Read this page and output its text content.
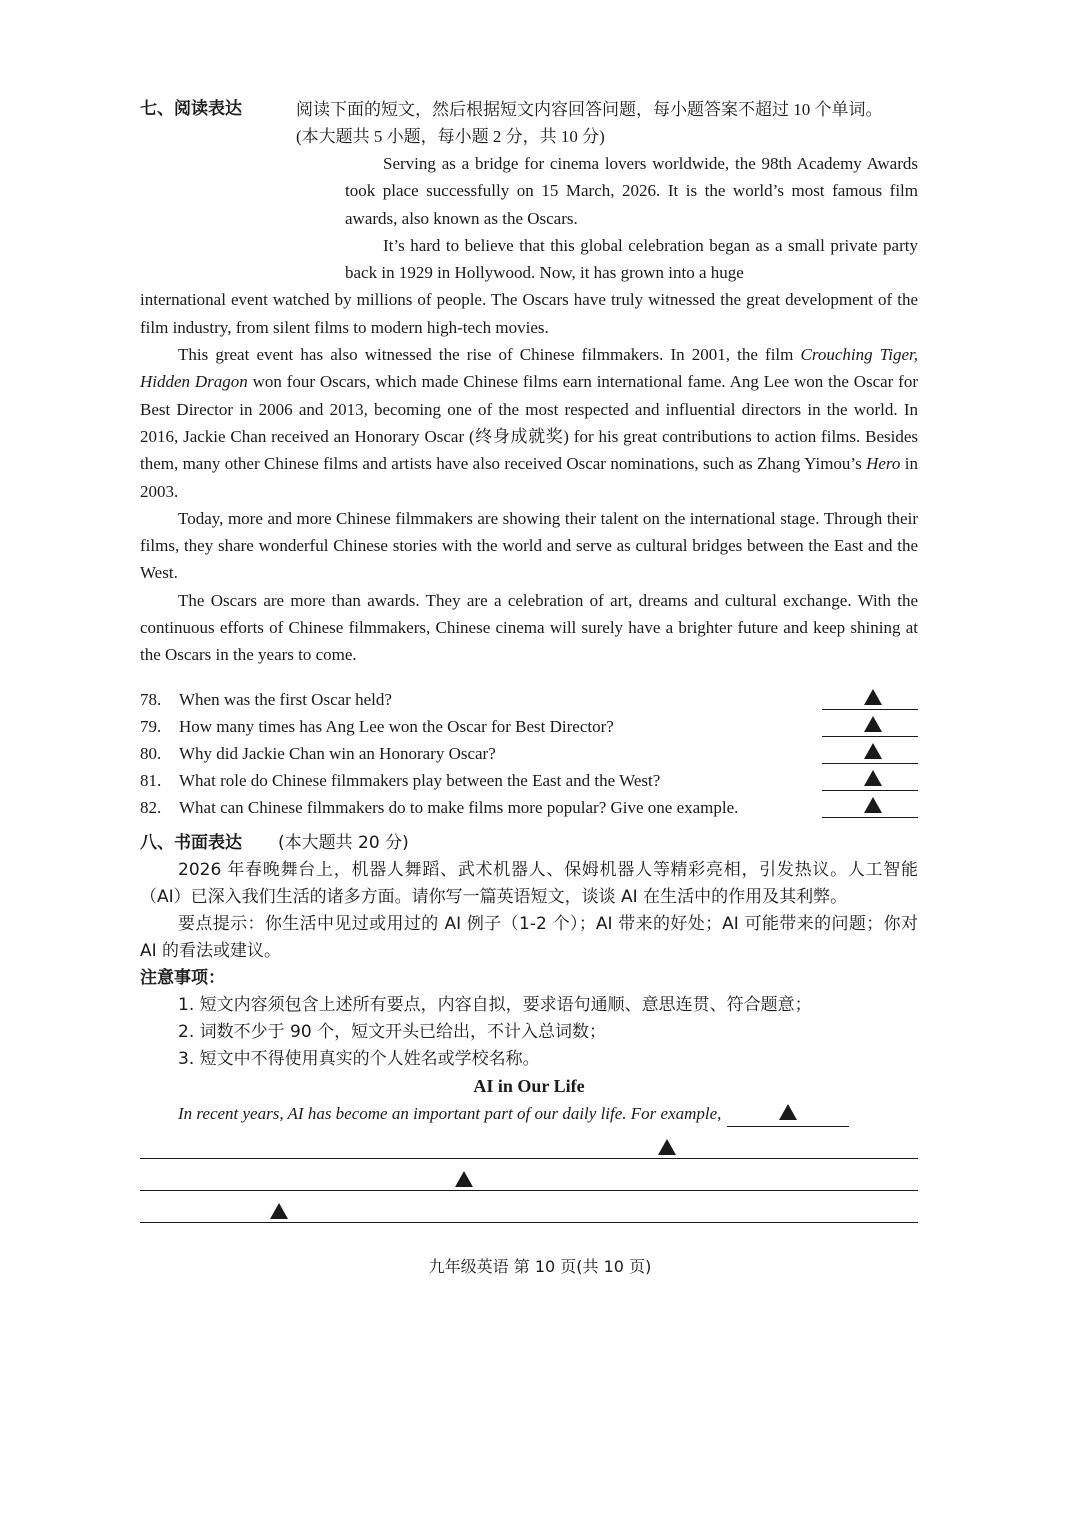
七、阅读表达	阅读下面的短文，然后根据短文内容回答问题，每小题答案不超过 10 个单词。
(本大题共 5 小题，每小题 2 分，共 10 分)

Serving as a bridge for cinema lovers worldwide, the 98th Academy Awards took place successfully on 15 March, 2026. It is the world’s most famous film awards, also known as the Oscars.

It’s hard to believe that this global celebration began as a small private party back in 1929 in Hollywood. Now, it has grown into a huge

international event watched by millions of people. The Oscars have truly witnessed the great development of the film industry, from silent films to modern high-tech movies.

This great event has also witnessed the rise of Chinese filmmakers. In 2001, the film Crouching Tiger, Hidden Dragon won four Oscars, which made Chinese films earn international fame. Ang Lee won the Oscar for Best Director in 2006 and 2013, becoming one of the most respected and influential directors in the world. In 2016, Jackie Chan received an Honorary Oscar (终身成就奖) for his great contributions to action films. Besides them, many other Chinese films and artists have also received Oscar nominations, such as Zhang Yimou’s Hero in 2003.

Today, more and more Chinese filmmakers are showing their talent on the international stage. Through their films, they share wonderful Chinese stories with the world and serve as cultural bridges between the East and the West.

The Oscars are more than awards. They are a celebration of art, dreams and cultural exchange. With the continuous efforts of Chinese filmmakers, Chinese cinema will surely have a brighter future and keep shining at the Oscars in the years to come.

78.	When was the first Oscar held?
79.	How many times has Ang Lee won the Oscar for Best Director?
80.	Why did Jackie Chan win an Honorary Oscar?
81.	What role do Chinese filmmakers play between the East and the West?
82.	What can Chinese filmmakers do to make films more popular? Give one example.
八、书面表达 (本大题共 20 分)

2026 年春晚舞台上，机器人舞蹈、武术机器人、保姆机器人等精彩亮相，引发热议。人工智能（AI）已深入我们生活的诸多方面。请你写一篇英语短文，谈谈 AI 在生活中的作用及其利弊。

要点提示：你生活中见过或用过的 AI 例子（1-2 个）；AI 带来的好处；AI 可能带来的问题；你对 AI 的看法或建议。

注意事项：

1. 短文内容须包含上述所有要点，内容自拟，要求语句通顺、意思连贯、符合题意；

2. 词数不少于 90 个，短文开头已给出，不计入总词数；

3. 短文中不得使用真实的个人姓名或学校名称。

AI in Our Life

In recent years, AI has become an important part of our daily life. For example,

九年级英语 第 10 页(共 10 页)
